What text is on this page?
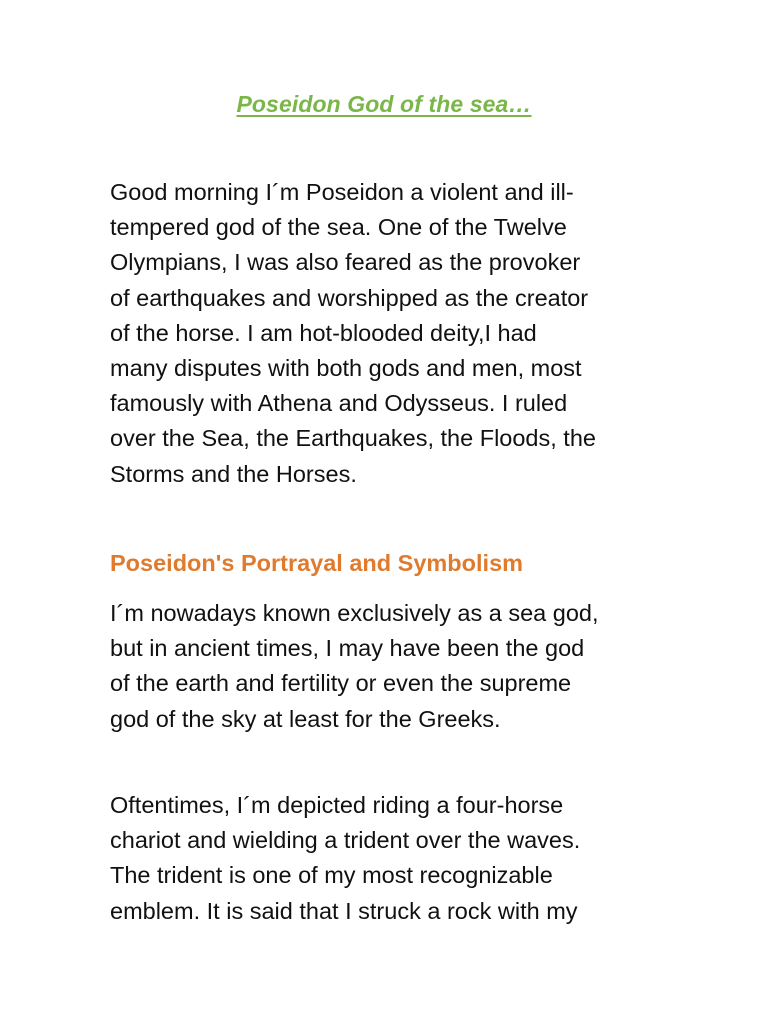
Poseidon God of the sea…

Good morning I´m Poseidon a violent and ill-
tempered god of the sea. One of the Twelve
Olympians, I was also feared as the provoker
of earthquakes and worshipped as the creator
of the horse. I am hot-blooded deity,I had
many disputes with both gods and men, most
famously with Athena and Odysseus. I ruled
over the Sea, the Earthquakes, the Floods, the
Storms and the Horses.

Poseidon's Portrayal and Symbolism

I´m nowadays known exclusively as a sea god,
but in ancient times, I may have been the god
of the earth and fertility or even the supreme
god of the sky at least for the Greeks.

Oftentimes, I´m depicted riding a four-horse
chariot and wielding a trident over the waves.
The trident is one of my most recognizable
emblem. It is said that I struck a rock with my
